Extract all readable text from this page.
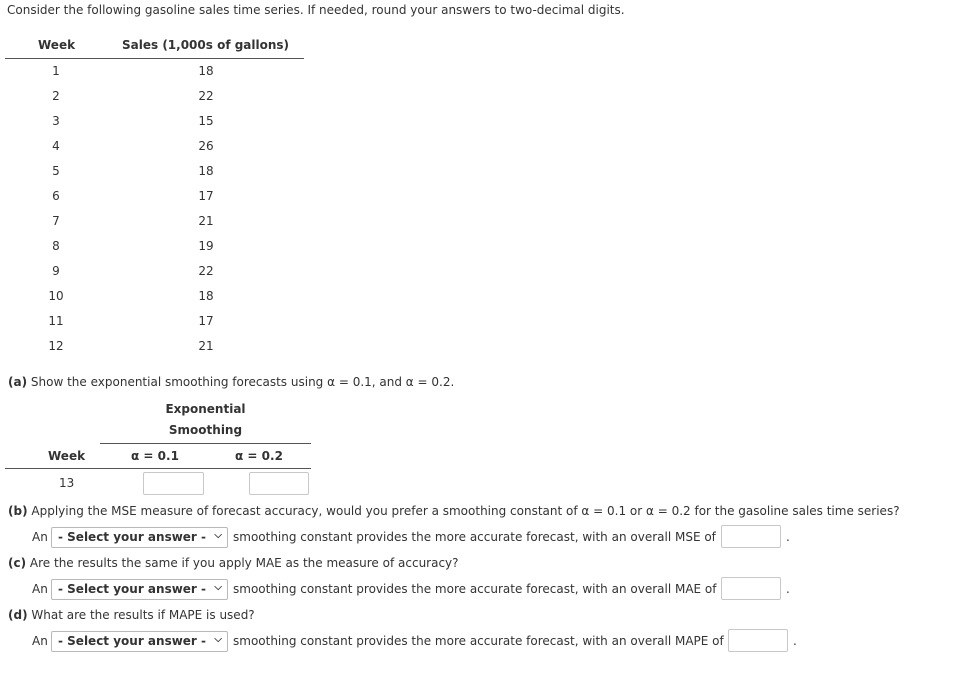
Consider the following gasoline sales time series. If needed, round your answers to two-decimal digits.
Week	Sales (1,000s of gallons)
1	18
2	22
3	15
4	26
5	18
6	17
7	21
8	19
9	22
10	18
11	17
12	21
(a) Show the exponential smoothing forecasts using α = 0.1, and α = 0.2.
Exponential
Smoothing
Week	α = 0.1	α = 0.2
13
(b) Applying the MSE measure of forecast accuracy, would you prefer a smoothing constant of α = 0.1 or α = 0.2 for the gasoline sales time series?
An - Select your answer - ⌵ smoothing constant provides the more accurate forecast, with an overall MSE of	.
(c) Are the results the same if you apply MAE as the measure of accuracy?
An - Select your answer - ⌵ smoothing constant provides the more accurate forecast, with an overall MAE of	.
(d) What are the results if MAPE is used?
An - Select your answer - ⌵ smoothing constant provides the more accurate forecast, with an overall MAPE of	.
